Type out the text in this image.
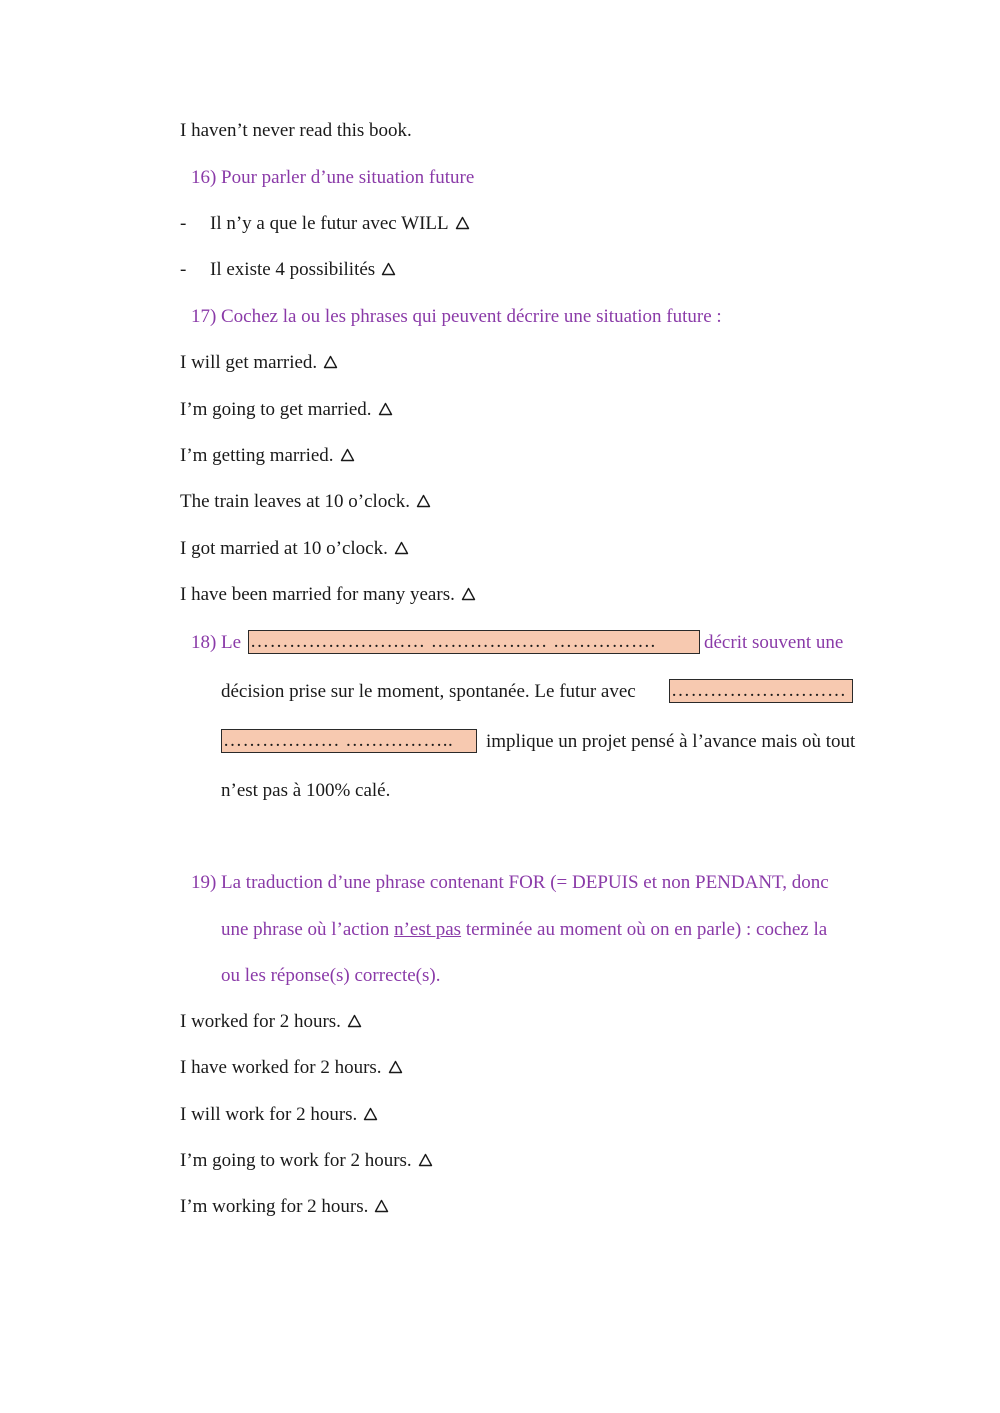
I haven’t never read this book.
16) Pour parler d’une situation future
- Il n’y a que le futur avec WILL
- Il existe 4 possibilités
17) Cochez la ou les phrases qui peuvent décrire une situation future :
I will get married.
I’m going to get married.
I’m getting married.
The train leaves at 10 o’clock.
I got married at 10 o’clock.
I have been married for many years.
18) Le ……………………… ……………… …………….	décrit souvent une
décision prise sur le moment, spontanée. Le futur avec ………………………
……………… ……………..	implique un projet pensé à l’avance mais où tout
n’est pas à 100% calé.
19) La traduction d’une phrase contenant FOR (= DEPUIS et non PENDANT, donc
une phrase où l’action n’est pas terminée au moment où on en parle) : cochez la
ou les réponse(s) correcte(s).
I worked for 2 hours.
I have worked for 2 hours.
I will work for 2 hours.
I’m going to work for 2 hours.
I’m working for 2 hours.
